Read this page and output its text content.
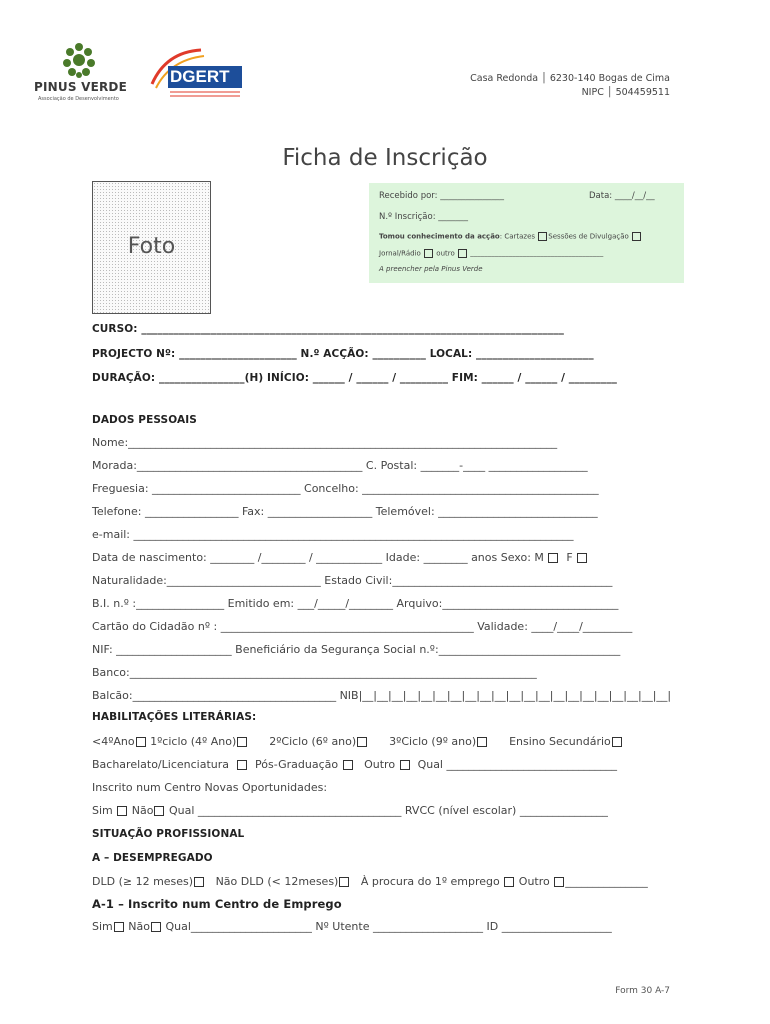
PINUS VERDE
Associação de Desenvolvimento
DGERT	Casa Redonda │ 6230-140 Bogas de Cima
NIPC │ 504459511
Ficha de Inscrição
Foto
Recebido por: _______________	Data: ____/__/__
N.º Inscrição: _______
Tomou conhecimento da acção: Cartazes Sessões de Divulgação
Jornal/Rádio outro ______________________________________
A preencher pela Pinus Verde
CURSO: _______________________________________________________________________________
PROJECTO Nº: ______________________ N.º ACÇÃO: __________ LOCAL: ______________________
DURAÇÃO: ________________(H) INÍCIO: ______ / ______ / _________ FIM: ______ / ______ / _________
DADOS PESSOAIS
Nome:______________________________________________________________________________
Morada:_________________________________________ C. Postal: _______-____ __________________
Freguesia: ___________________________ Concelho: ___________________________________________
Telefone: _________________ Fax: ___________________ Telemóvel: _____________________________
e-mail: ________________________________________________________________________________
Data de nascimento: ________ /________ / ____________ Idade: ________ anos Sexo: M F
Naturalidade:____________________________ Estado Civil:________________________________________
B.I. n.º :________________ Emitido em: ___/_____/________ Arquivo:________________________________
Cartão do Cidadão nº : ______________________________________________ Validade: ____/____/_________
NIF: _____________________ Beneficiário da Segurança Social n.º:_________________________________
Banco:__________________________________________________________________________
Balcão:_____________________________________ NIB|__|__|__|__|__|__|__|__|__|__|__|__|__|__|__|__|__|__|__|__|__|
HABILITAÇÕES LITERÁRIAS:
<4ºAno 1ºciclo (4º Ano)	2ºCiclo (6º ano)	3ºCiclo (9º ano)	Ensino Secundário
Bacharelato/Licenciatura Pós-Graduação Outro Qual _______________________________
Inscrito num Centro Novas Oportunidades:
Sim Não Qual _____________________________________ RVCC (nível escolar) ________________
SITUAÇÃO PROFISSIONAL
A – DESEMPREGADO
DLD (≥ 12 meses) Não DLD (< 12meses) À procura do 1º emprego Outro _______________
A-1 – Inscrito num Centro de Emprego
Sim Não Qual______________________ Nº Utente ____________________ ID ____________________
Form 30 A-7
